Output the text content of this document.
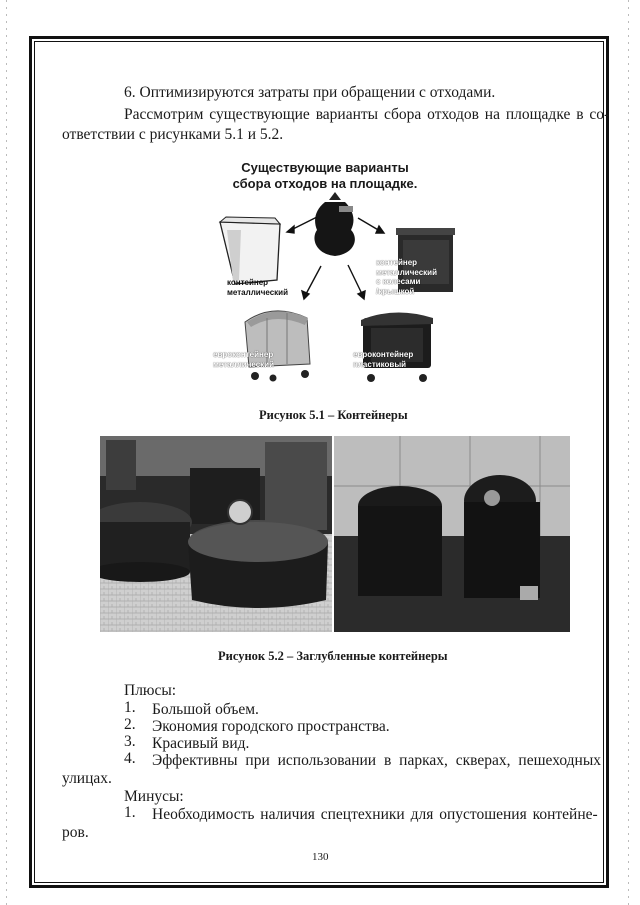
6. Оптимизируются затраты при обращении с отходами.
Рассмотрим существующие варианты сбора отходов на площадке в со-
ответствии с рисунками 5.1 и 5.2.
Существующие варианты
сбора отходов на площадке.
контейнер
металлический
контейнер
металлический
с колесами
/крышкой
евроконтейнер
металлический
евроконтейнер
пластиковый
Рисунок 5.1 – Контейнеры
Рисунок 5.2 – Заглубленные контейнеры
Плюсы:
1. Большой объем.
2. Экономия городского пространства.
3. Красивый вид.
4. Эффективны при использовании в парках, скверах, пешеходных
улицах.
Минусы:
1. Необходимость наличия спецтехники для опустошения контейне-
ров.
130
